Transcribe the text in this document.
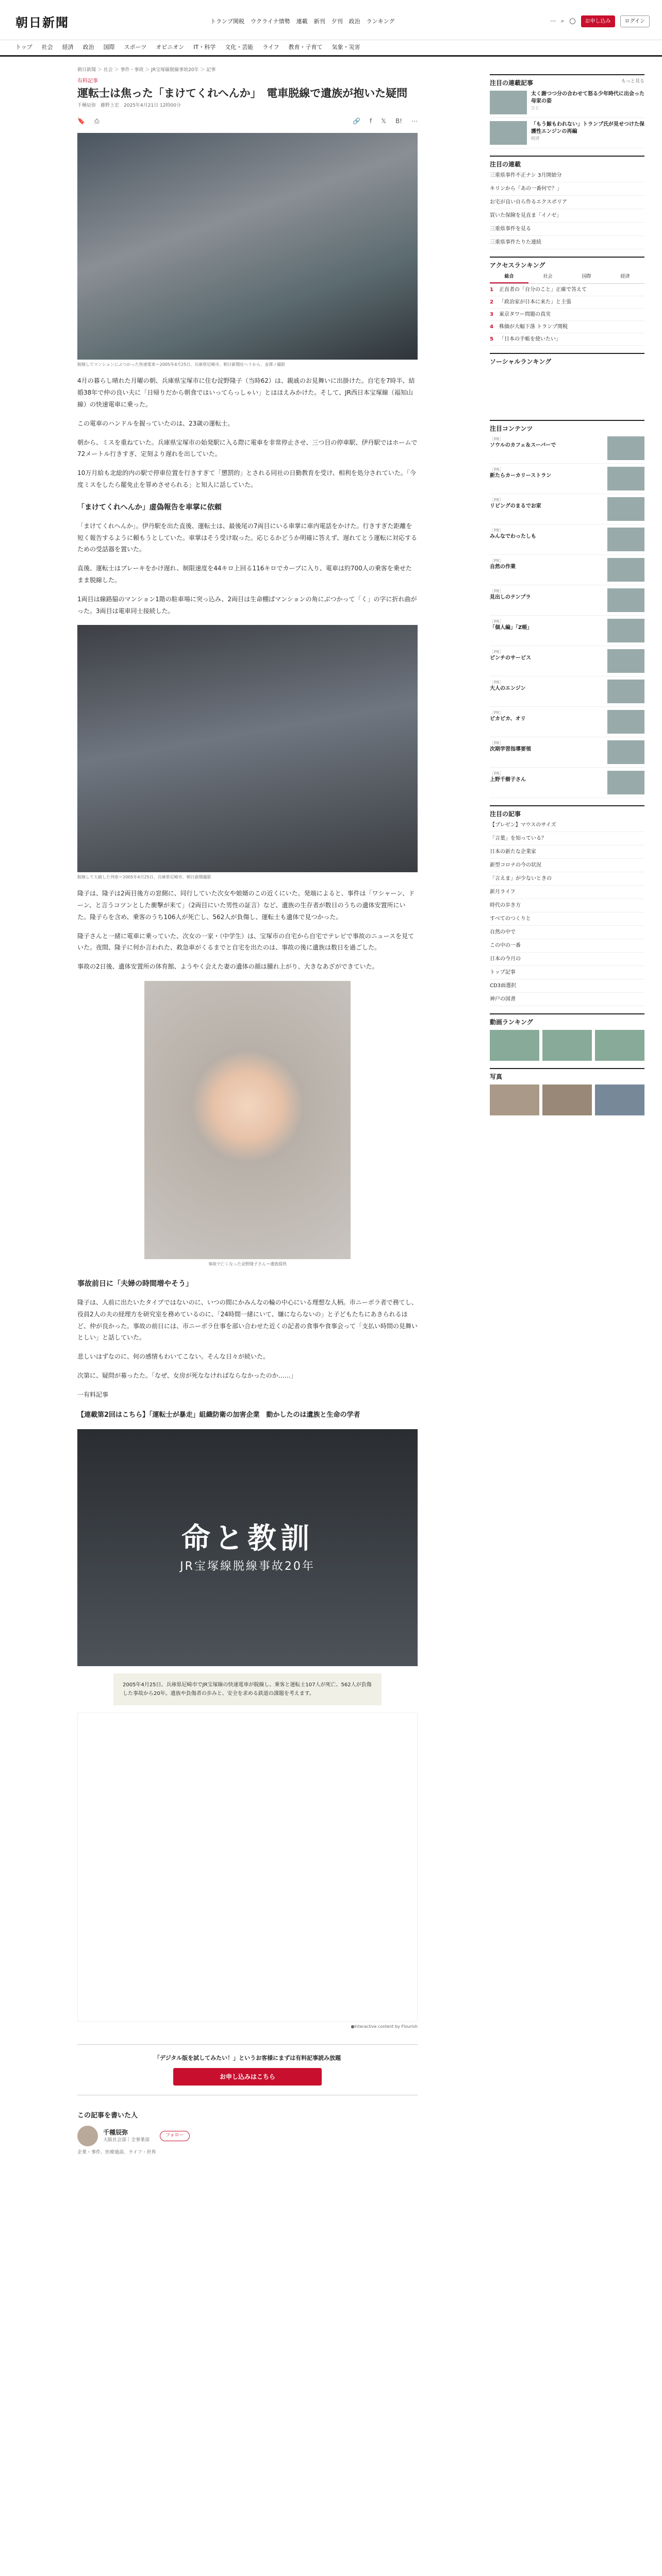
朝日新聞	トランプ関税 ウクライナ情勢 連載 新刊 夕刊 政治 ランキング	⋯ ⌕ ◯	お申し込み	ログイン
トップ	社会	経済	政治	国際	スポーツ	オピニオン	IT・科学	文化・芸能	ライフ	教育・子育て	気象・災害
朝日新聞 ＞ 社会 ＞ 事件・事故 ＞ JR宝塚線脱線事故20年 ＞ 記事
有料記事
運転士は焦った「まけてくれへんか」　電車脱線で遺族が抱いた疑問
千種辰弥　藤野上宏　 2025年4月21日 12時00分
🔖 ⎙	🔗 f 𝕏 B! ⋯
脱線してマンションにぶつかった快速電車＝2005年4月25日、兵庫県尼崎市、朝日新聞社ヘリから、金澤ノ撮影

4月の暮らし晴れた月曜の朝、兵庫県宝塚市に住む淀野隆子（当時62）は、親戚のお見舞いに出掛けた。自宅を7時半、結婚38年で仲の良い夫に「日帰りだから朝食ではいってらっしゃい」とはほえみかけた。そして、JR西日本宝塚線（福知山線）の快速電車に乗った。

この電車のハンドルを握っていたのは、23歳の運転士。

朝から、ミスを重ねていた。兵庫県宝塚市の始発駅に入る際に電車を非常停止させ、三つ目の停車駅、伊丹駅ではホームで72メートル行きすぎ、定刻より遅れを出していた。

10万月給も北総的内の駅で停車位置を行きすぎて「懲罰的」とされる同社の日勤教育を受け、相利を処分されていた。「今度ミスをしたら罷免止を罪めさせられる」と知人に話していた。

「まけてくれへんか」虚偽報告を車掌に依頼

「まけてくれへんか」。伊丹駅を出た直後、運転士は、最後尾の7両目にいる車掌に車内電話をかけた。行きすぎた距離を短く報告するように頼もうとしていた。車掌はそう受け取った。応じるかどうか明確に答えず、遅れてとう運転に対応するための受話器を置いた。

直後、運転士はブレーキをかけ遅れ、制限速度を44キロ上回る116キロでカーブに入り、電車は約700人の乗客を乗せたまま脱線した。

1両目は線路脇のマンション1階の駐車場に突っ込み、2両目は生命棚ばマンションの角にぶつかって「く」の字に折れ曲がった。3両目は電車同士接続した。

脱線して大破した列車＝2005年4月25日、兵庫県尼崎市、朝日新聞撮影

隆子は、隆子は2両目後方の窓側に、同行していた次女や娘婿のこの近くにいた。発端によると、事件は「ワシャーン、ドーン、と言うコツンとした衝撃が来て」（2両目にいた男性の証言）など、遺族の生存者が数日のうちの遺体安置所にいた。隆子らを含め、乗客のうち106人が死亡し、562人が負傷し、運転士も遺体で見つかった。

隆子さんと一緒に電車に乗っていた、次女の一家・（中学生）は、宝塚市の自宅から自宅でテレビで事故のニュースを見ていた。夜間、隆子に何か言われた、救急車がくるまでと自宅を出たのは、事故の後に遺族は数日を過ごした。

事故の2日後、遺体安置所の体育館、ようやく会えた妻の遺体の顔は腫れ上がり、大きなあざができていた。

事故で亡くなった淀野隆子さん＝遺族提供
事故前日に「夫婦の時間増やそう」

隆子は、人前に出たいたタイプではないのに、いつの間にかみんなの輪の中心にいる理想な人柄。市ニーボラ者で務てし、役員2人の夫の経理方を研究室を務めているのに、「24時間一緒にいて、嫌にならないの」と子どもたちにあきられるほど、仲が良かった。事故の前日には、市ニーボラ仕事を部い合わせた近くの記者の食事や食事会って「支払い時間の見舞いとしい」と話していた。

悲しいはずなのに、何の感情もわいてこない。そんな日々が続いた。

次第に、疑問が募ったた。「なぜ、女房が死ななければならなかったのか……」

一有料記事

【連載第2回はこちら】「運転士が暴走」組織防衛の加害企業　動かしたのは遺族と生命の学者
命と教訓
JR宝塚線脱線事故20年
2005年4月25日、兵庫県尼崎市でJR宝塚線の快速電車が脱線し、乗客と運転士107人が死亡、562人が負傷した事故から20年。遺族や負傷者の歩みと、安全を求める鉄道の課題を考えます。
●Interactive content by Flourish
「デジタル版を試してみたい！」というお客様にまずは有料記事読み放題
お申し込みはこちら
この記事を書いた人
千種辰弥
大阪社会部｜全事業部
フォロー
企業・事件、医療過誤、ライフ・世界
注目の連載記事	もっと見る
太く謝つつ分の合わせて怒る少年時代に出会った母家の姿
ひと
「もう鯨もわれない」トランプ氏が見せつけた保護性エンジンの再編
経済
注目の連載
三重県事件不正ナシ 3月開始分
キリンから「あの一番何で？」
お宅が良い自ら作るエクスポリア
買いた保険を見直ま「イノゼ」
三重県事件を見る
三重県事件たりた連続
アクセスランキング
総合	社会	国際	経済
1	正直者の「自分のこと」正確で答えて
2	「政治家が日本に来た」と主張
3	東京タワー問題の真実
4	株価が大幅下落 トランプ関税
5	「日本の手帳を使いたい」
ソーシャルランキング
注目コンテンツ
［PR］
ソウルのカフェ＆スーパーで
［PR］
新たらカーカリーストラン
［PR］
リビングのまるでお家
［PR］
みんなでわったしも
［PR］
自然の作業
［PR］
見出しのテンプラ
［PR］
「個人編」「Z帳」
［PR］
ピンチのサービス
［PR］
大人のエンジン
［PR］
ピカピカ、オリ
［PR］
次期学習指導要領
［PR］
上野千樹子さん
注目の記事
【プレゼン】マウスのサイズ
「言葉」を知っている？
日本の新たな企業家
新型コロナの今の状況
「言えま」が少ないときの
新月ライフ
時代の歩き方
すべてのつくりと
自然の中で
この中の一番
日本の今月の
トップ記事
CD3面選択
神戸の図書
動画ランキング
写真
